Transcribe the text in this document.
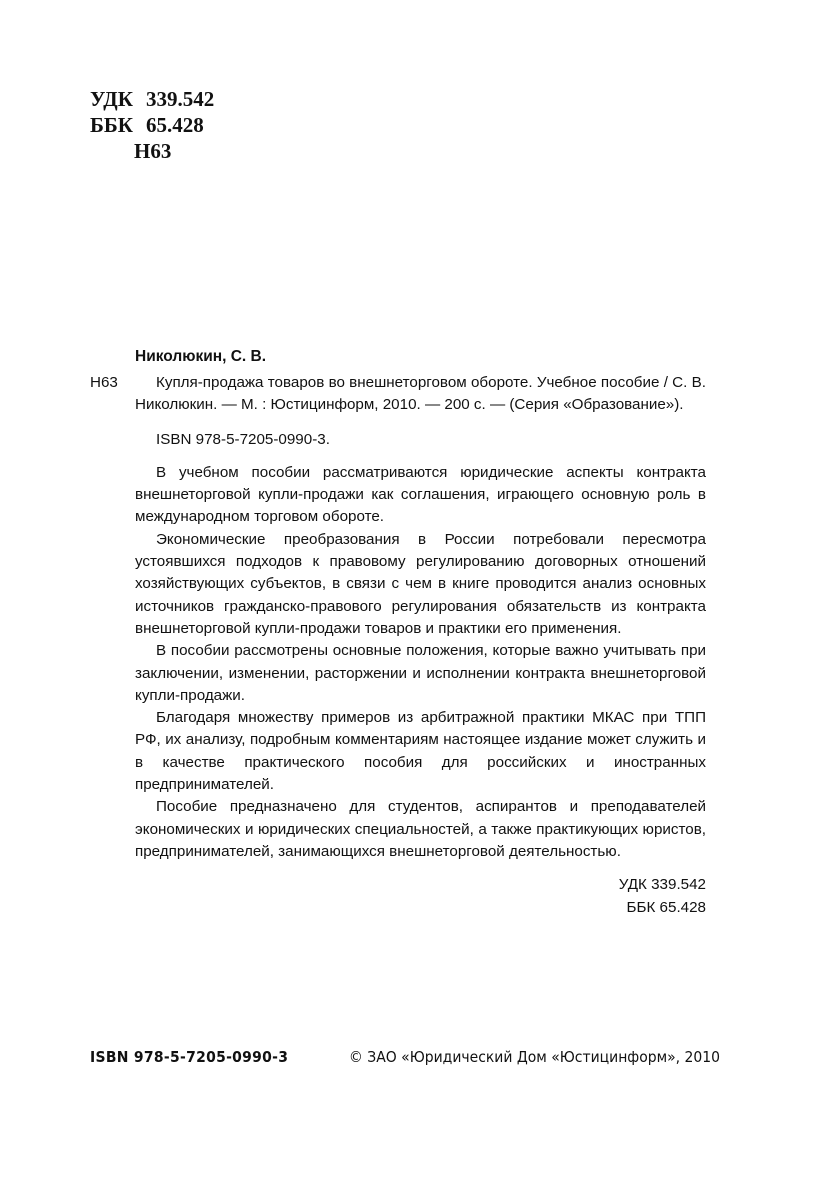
УДК 339.542
ББК 65.428
Н63
Николюкин, С. В.
Н63	Купля-продажа товаров во внешнеторговом обороте. Учебное пособие / С. В. Николюкин. — М. : Юстицинформ, 2010. — 200 с. — (Серия «Образование»).

ISBN 978-5-7205-0990-3.

В учебном пособии рассматриваются юридические аспекты контракта внешнеторговой купли-продажи как соглашения, играющего основную роль в международном торговом обороте.

Экономические преобразования в России потребовали пересмотра устоявшихся подходов к правовому регулированию договорных отношений хозяйствующих субъектов, в связи с чем в книге проводится анализ основных источников гражданско-правового регулирования обязательств из контракта внешнеторговой купли-продажи товаров и практики его применения.

В пособии рассмотрены основные положения, которые важно учитывать при заключении, изменении, расторжении и исполнении контракта внешнеторговой купли-продажи.

Благодаря множеству примеров из арбитражной практики МКАС при ТПП РФ, их анализу, подробным комментариям настоящее издание может служить и в качестве практического пособия для российских и иностранных предпринимателей.

Пособие предназначено для студентов, аспирантов и преподавателей экономических и юридических специальностей, а также практикующих юристов, предпринимателей, занимающихся внешнеторговой деятельностью.

УДК 339.542

ББК 65.428

ISBN 978-5-7205-0990-3	© ЗАО «Юридический Дом «Юстицинформ», 2010
